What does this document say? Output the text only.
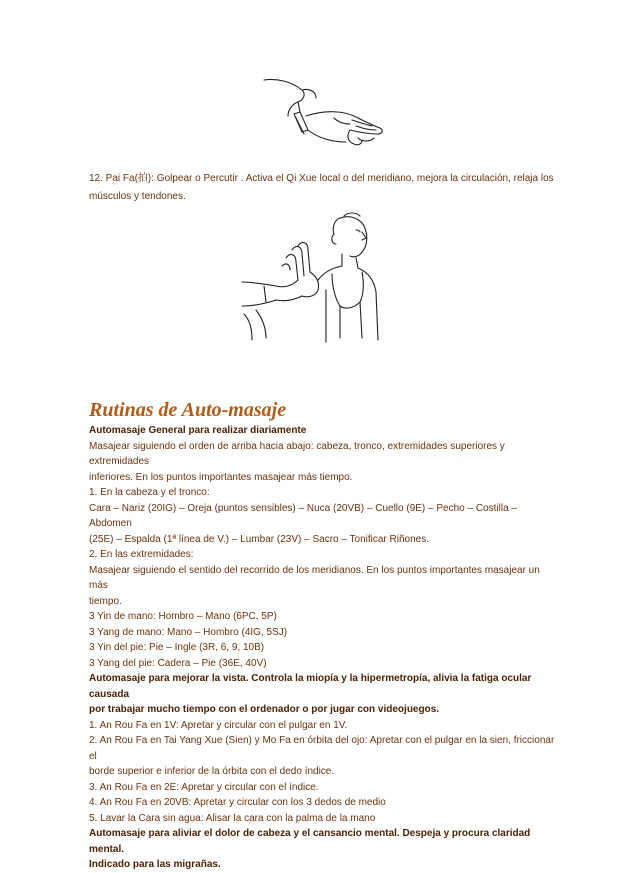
12. Pai Fa(拍): Golpear o Percutir . Activa el Qi Xue local o del meridiano, mejora la circulación, relaja los
músculos y tendones.

Rutinas de Auto-masaje
Automasaje General para realizar diariamente
Masajear siguiendo el orden de arriba hacia abajo: cabeza, tronco, extremidades superiores y extremidades
inferiores. En los puntos importantes masajear más tiempo.
1. En la cabeza y el tronco:
Cara – Nariz (20IG) – Oreja (puntos sensibles) – Nuca (20VB) – Cuello (9E) – Pecho – Costilla – Abdomen
(25E) – Espalda (1ª línea de V.) – Lumbar (23V) – Sacro – Tonificar Riñones.
2. En las extremidades:
Masajear siguiendo el sentido del recorrido de los meridianos. En los puntos importantes masajear un más
tiempo.
3 Yin de mano: Hombro – Mano (6PC, 5P)
3 Yang de mano: Mano – Hombro (4IG, 5SJ)
3 Yin del pie: Pie – Ingle (3R, 6, 9, 10B)
3 Yang del pie: Cadera – Pie (36E, 40V)
Automasaje para mejorar la vista. Controla la miopía y la hipermetropía, alivia la fatiga ocular causada
por trabajar mucho tiempo con el ordenador o por jugar con videojuegos.
1. An Rou Fa en 1V: Apretar y circular con el pulgar en 1V.
2. An Rou Fa en Tai Yang Xue (Sien) y Mo Fa en órbita del ojo: Apretar con el pulgar en la sien, friccionar el
borde superior e inferior de la órbita con el dedo índice.
3. An Rou Fa en 2E: Apretar y circular con el índice.
4. An Rou Fa en 20VB: Apretar y circular con los 3 dedos de medio
5. Lavar la Cara sin agua: Alisar la cara con la palma de la mano
Automasaje para aliviar el dolor de cabeza y el cansancio mental. Despeja y procura claridad mental.
Indicado para las migrañas.
